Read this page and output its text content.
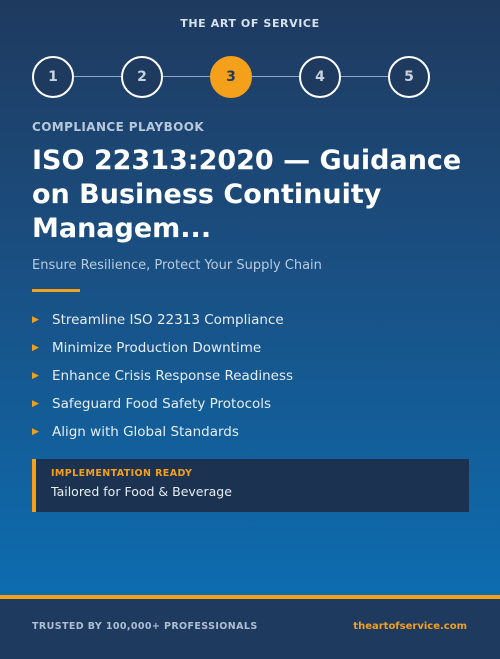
THE ART OF SERVICE
1	2	3	4	5
COMPLIANCE PLAYBOOK
ISO 22313:2020 — Guidance on Business Continuity Managem...
Ensure Resilience, Protect Your Supply Chain
▶ Streamline ISO 22313 Compliance
▶ Minimize Production Downtime
▶ Enhance Crisis Response Readiness
▶ Safeguard Food Safety Protocols
▶ Align with Global Standards
IMPLEMENTATION READY
Tailored for Food & Beverage
TRUSTED BY 100,000+ PROFESSIONALS	theartofservice.com
